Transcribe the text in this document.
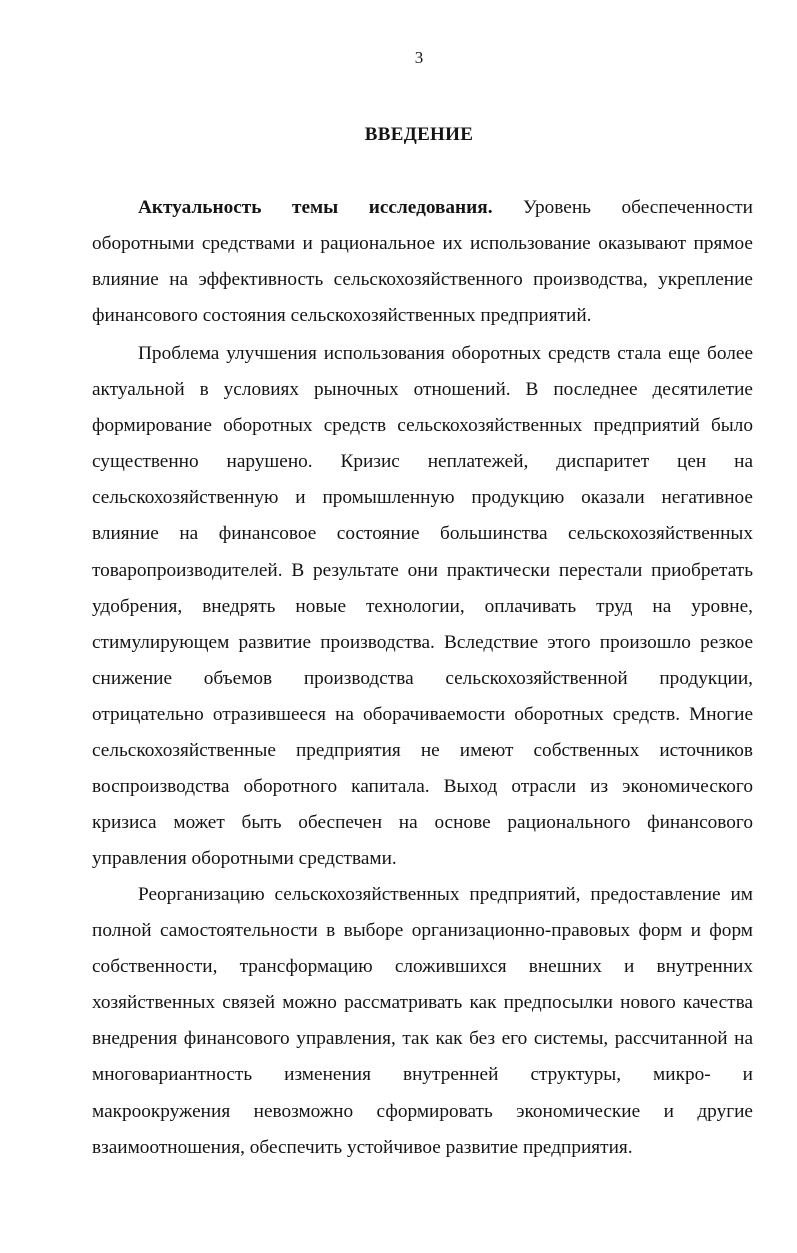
3
ВВЕДЕНИЕ

Актуальность темы исследования. Уровень обеспеченности оборотными средствами и рациональное их использование оказывают прямое влияние на эффективность сельскохозяйственного производства, укрепление финансового состояния сельскохозяйственных предприятий.

Проблема улучшения использования оборотных средств стала еще более актуальной в условиях рыночных отношений. В последнее десятилетие формирование оборотных средств сельскохозяйственных предприятий было существенно нарушено. Кризис неплатежей, диспаритет цен на сельскохозяйственную и промышленную продукцию оказали негативное влияние на финансовое состояние большинства сельскохозяйственных товаропроизводителей. В результате они практически перестали приобретать удобрения, внедрять новые технологии, оплачивать труд на уровне, стимулирующем развитие производства. Вследствие этого произошло резкое снижение объемов производства сельскохозяйственной продукции, отрицательно отразившееся на оборачиваемости оборотных средств. Многие сельскохозяйственные предприятия не имеют собственных источников воспроизводства оборотного капитала. Выход отрасли из экономического кризиса может быть обеспечен на основе рационального финансового управления оборотными средствами.

Реорганизацию сельскохозяйственных предприятий, предоставление им полной самостоятельности в выборе организационно-правовых форм и форм собственности, трансформацию сложившихся внешних и внутренних хозяйственных связей можно рассматривать как предпосылки нового качества внедрения финансового управления, так как без его системы, рассчитанной на многовариантность изменения внутренней структуры, микро- и макроокружения невозможно сформировать экономические и другие взаимоотношения, обеспечить устойчивое развитие предприятия.
